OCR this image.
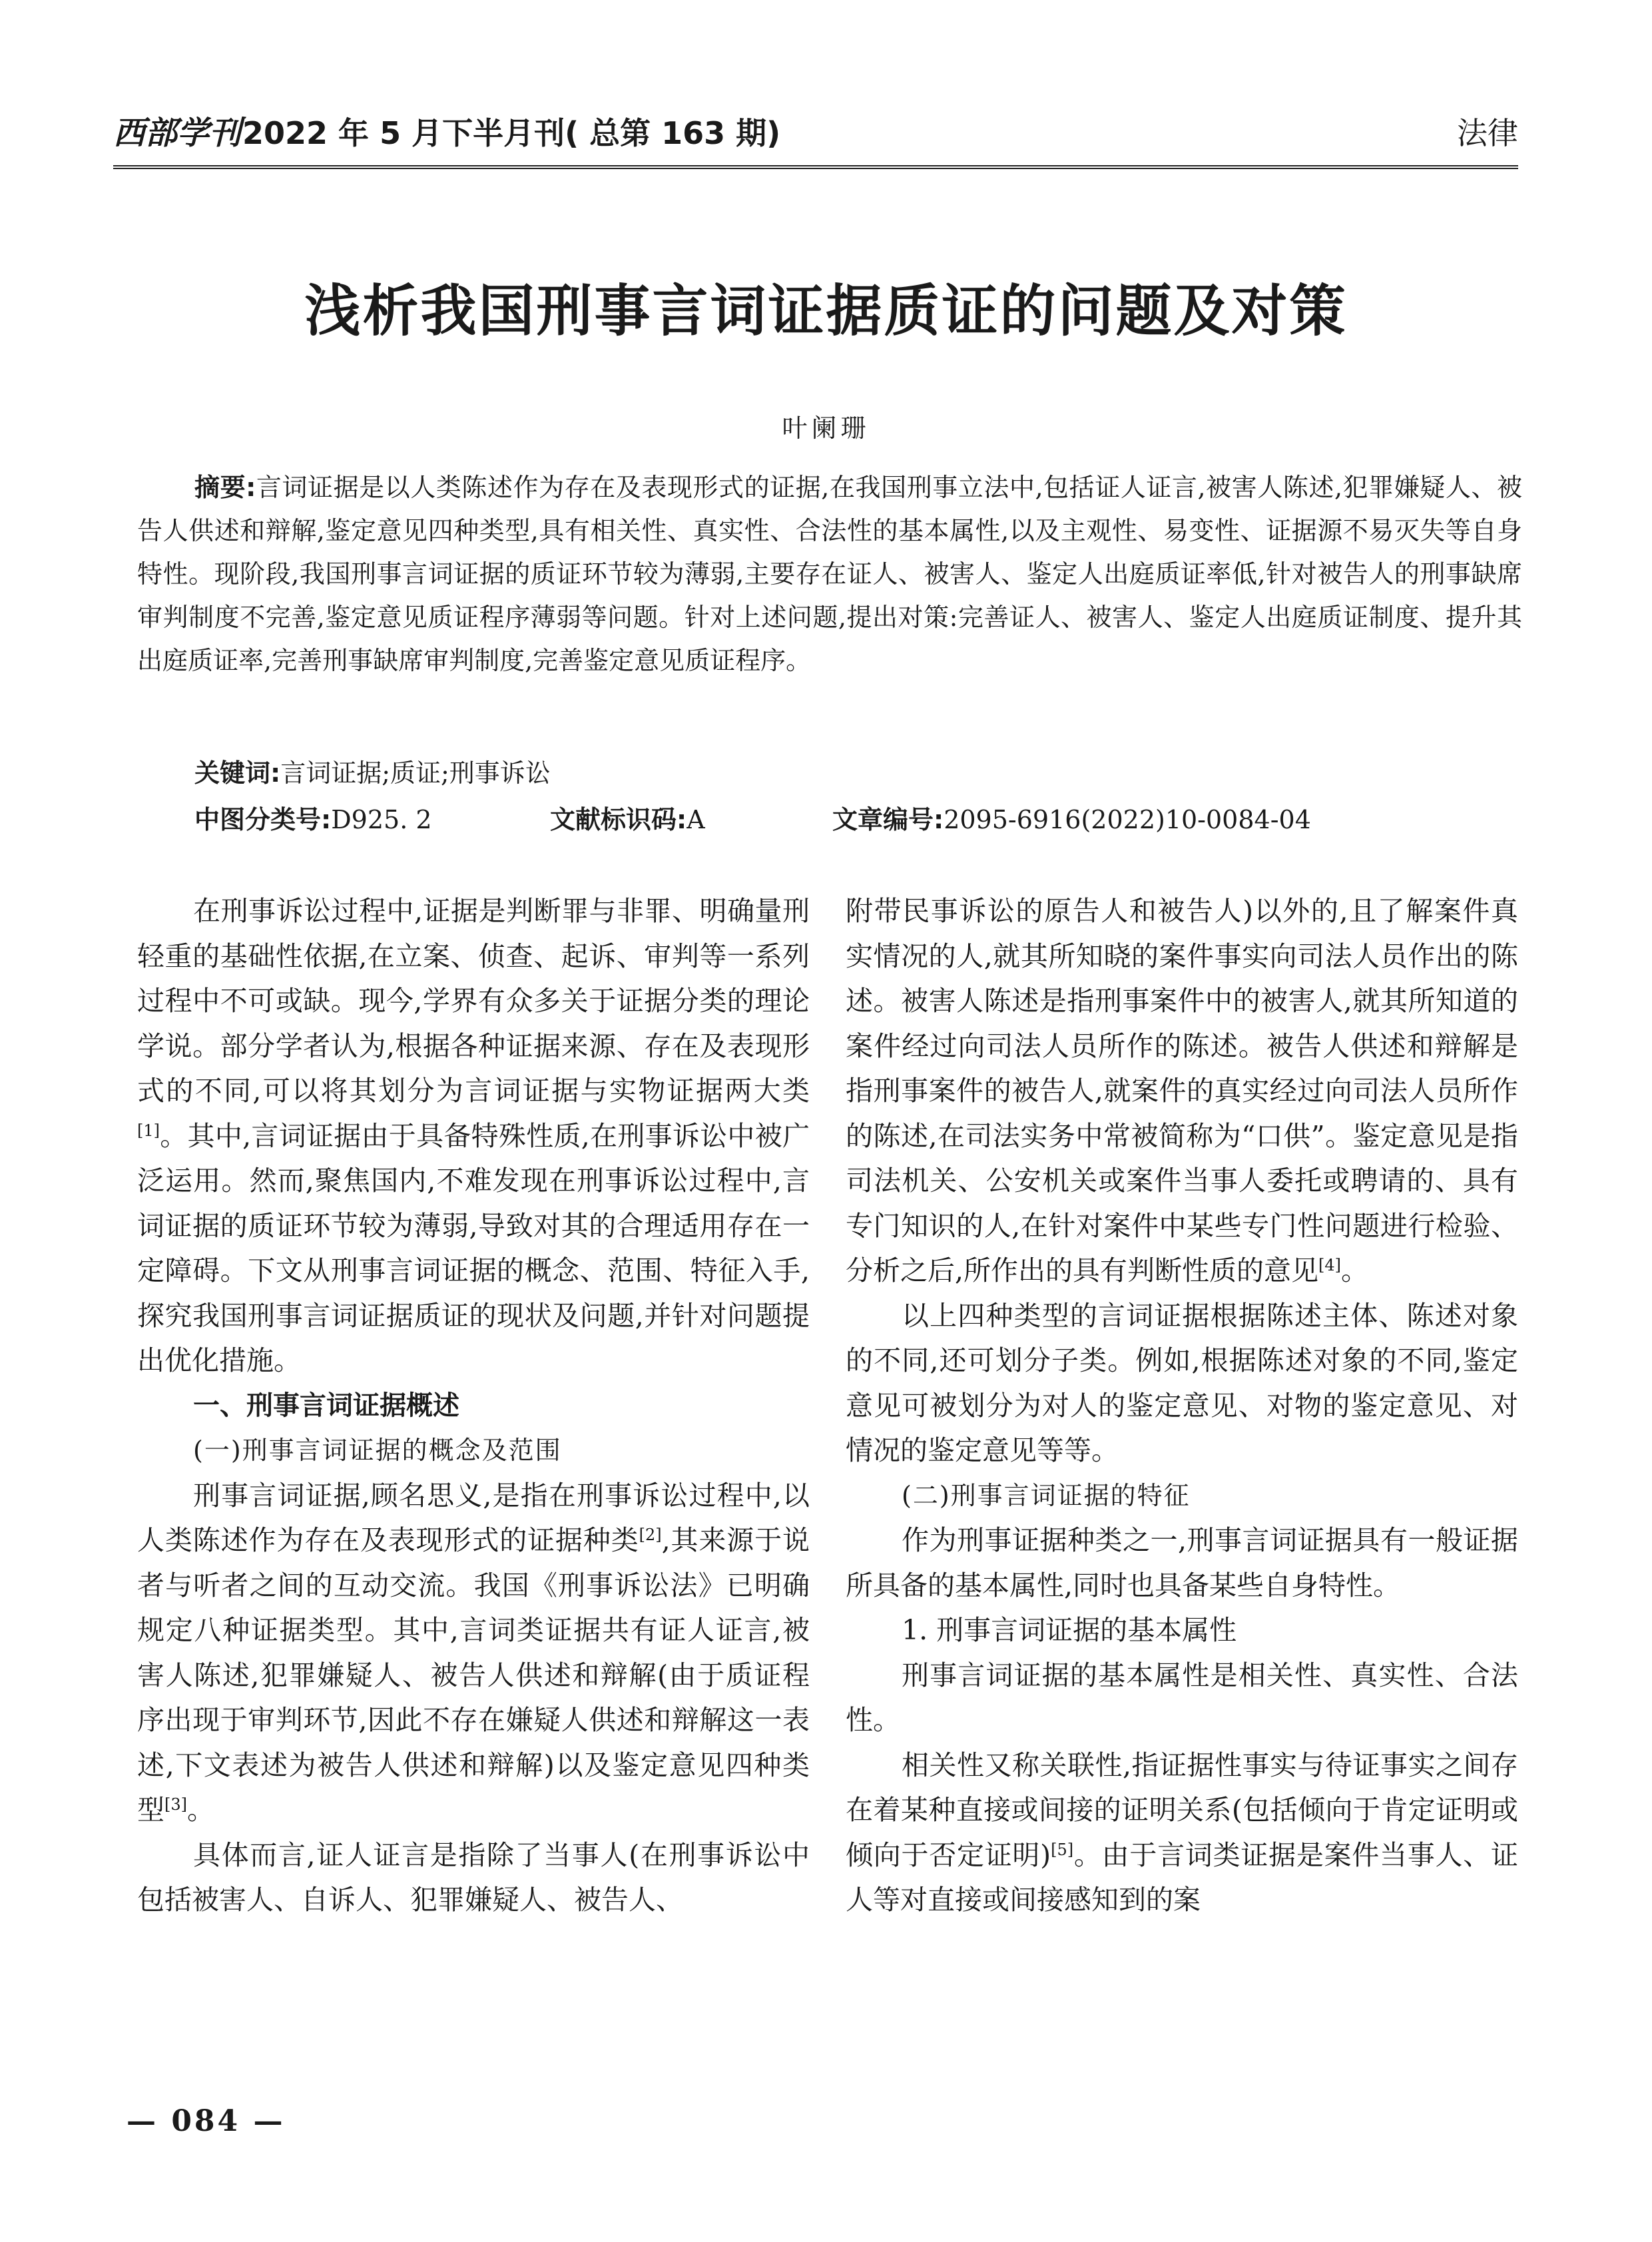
西部学刊2022 年 5 月下半月刊( 总第 163 期)	法律
浅析我国刑事言词证据质证的问题及对策
叶阑珊
摘要:言词证据是以人类陈述作为存在及表现形式的证据,在我国刑事立法中,包括证人证言,被害人陈述,犯罪嫌疑人、被告人供述和辩解,鉴定意见四种类型,具有相关性、真实性、合法性的基本属性,以及主观性、易变性、证据源不易灭失等自身特性。现阶段,我国刑事言词证据的质证环节较为薄弱,主要存在证人、被害人、鉴定人出庭质证率低,针对被告人的刑事缺席审判制度不完善,鉴定意见质证程序薄弱等问题。针对上述问题,提出对策:完善证人、被害人、鉴定人出庭质证制度、提升其出庭质证率,完善刑事缺席审判制度,完善鉴定意见质证程序。
关键词:言词证据;质证;刑事诉讼
中图分类号:D925. 2	文献标识码:A	文章编号:2095-6916(2022)10-0084-04

在刑事诉讼过程中,证据是判断罪与非罪、明确量刑轻重的基础性依据,在立案、侦查、起诉、审判等一系列过程中不可或缺。现今,学界有众多关于证据分类的理论学说。部分学者认为,根据各种证据来源、存在及表现形式的不同,可以将其划分为言词证据与实物证据两大类[1]。其中,言词证据由于具备特殊性质,在刑事诉讼中被广泛运用。然而,聚焦国内,不难发现在刑事诉讼过程中,言词证据的质证环节较为薄弱,导致对其的合理适用存在一定障碍。下文从刑事言词证据的概念、范围、特征入手,探究我国刑事言词证据质证的现状及问题,并针对问题提出优化措施。

一、刑事言词证据概述

(一)刑事言词证据的概念及范围

刑事言词证据,顾名思义,是指在刑事诉讼过程中,以人类陈述作为存在及表现形式的证据种类[2],其来源于说者与听者之间的互动交流。我国《刑事诉讼法》已明确规定八种证据类型。其中,言词类证据共有证人证言,被害人陈述,犯罪嫌疑人、被告人供述和辩解(由于质证程序出现于审判环节,因此不存在嫌疑人供述和辩解这一表述,下文表述为被告人供述和辩解)以及鉴定意见四种类型[3]。

具体而言,证人证言是指除了当事人(在刑事诉讼中包括被害人、自诉人、犯罪嫌疑人、被告人、

附带民事诉讼的原告人和被告人)以外的,且了解案件真实情况的人,就其所知晓的案件事实向司法人员作出的陈述。被害人陈述是指刑事案件中的被害人,就其所知道的案件经过向司法人员所作的陈述。被告人供述和辩解是指刑事案件的被告人,就案件的真实经过向司法人员所作的陈述,在司法实务中常被简称为“口供”。鉴定意见是指司法机关、公安机关或案件当事人委托或聘请的、具有专门知识的人,在针对案件中某些专门性问题进行检验、分析之后,所作出的具有判断性质的意见[4]。

以上四种类型的言词证据根据陈述主体、陈述对象的不同,还可划分子类。例如,根据陈述对象的不同,鉴定意见可被划分为对人的鉴定意见、对物的鉴定意见、对情况的鉴定意见等等。

(二)刑事言词证据的特征

作为刑事证据种类之一,刑事言词证据具有一般证据所具备的基本属性,同时也具备某些自身特性。

1. 刑事言词证据的基本属性

刑事言词证据的基本属性是相关性、真实性、合法性。

相关性又称关联性,指证据性事实与待证事实之间存在着某种直接或间接的证明关系(包括倾向于肯定证明或倾向于否定证明)[5]。由于言词类证据是案件当事人、证人等对直接或间接感知到的案

— 084 —
